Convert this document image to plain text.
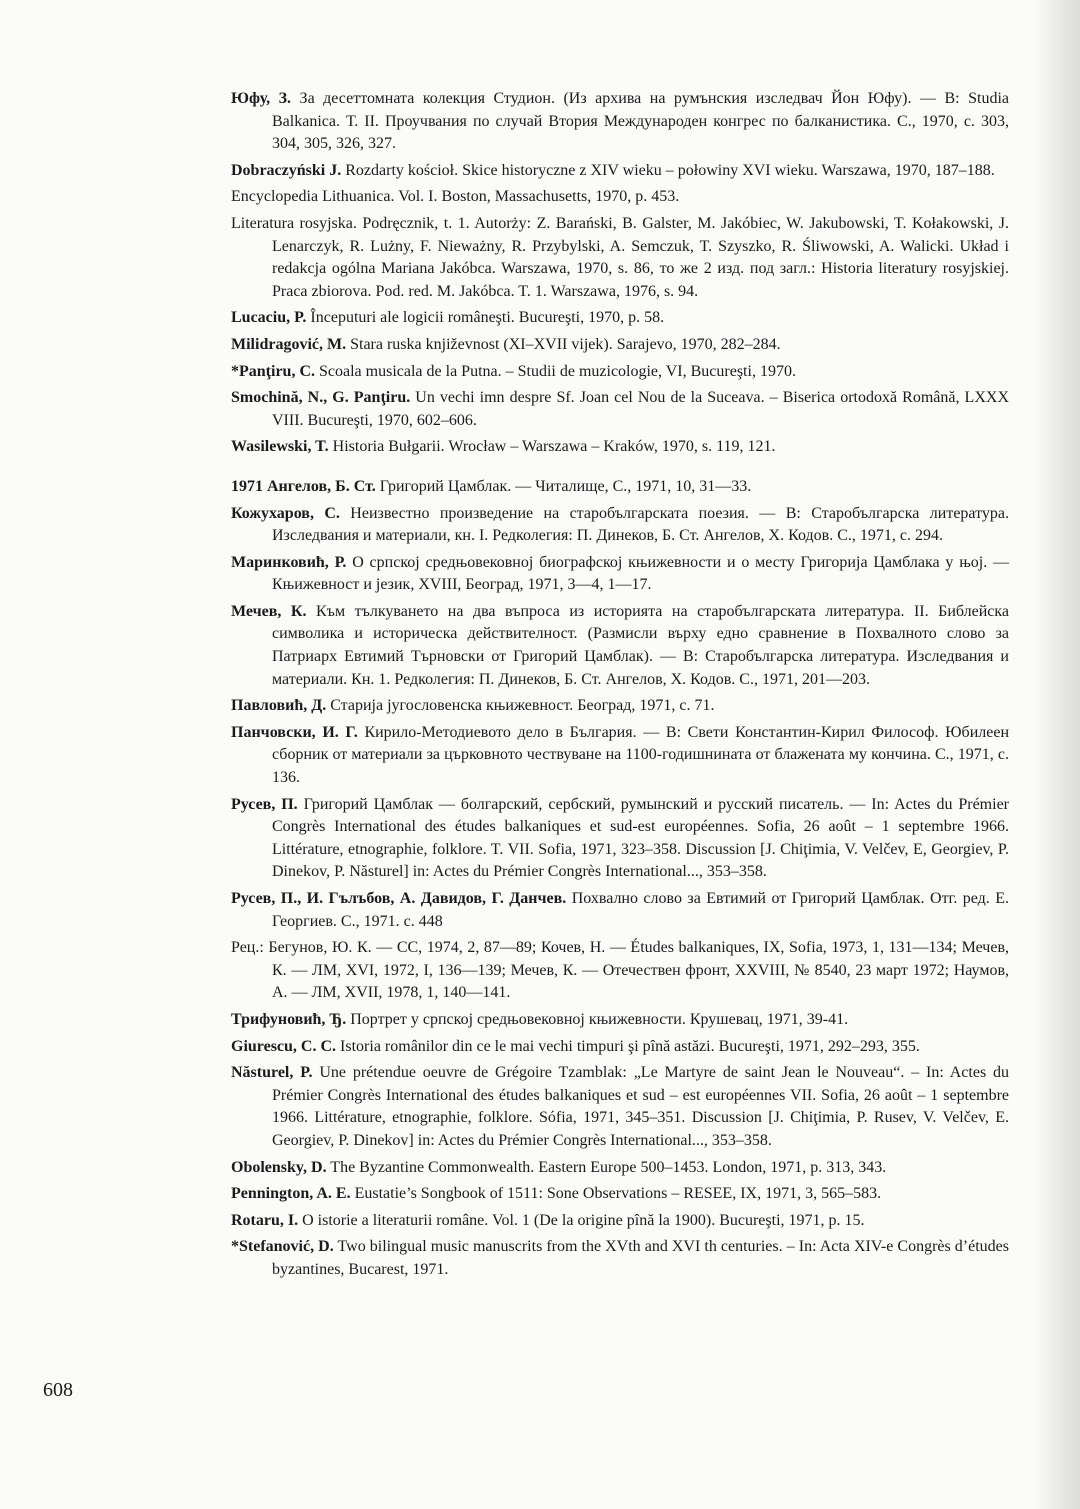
Юфу, З. За десеттомната колекция Студион. (Из архива на румънския изследвач Йон Юфу). — В: Studia Balkanica. Т. II. Проучвания по случай Втория Международен конгрес по балканистика. С., 1970, с. 303, 304, 305, 326, 327.

Dobraczyński J. Rozdarty kościoł. Skice historyczne z XIV wieku – połowiny XVI wieku. Warszawa, 1970, 187–188.

Encyclopedia Lithuanica. Vol. I. Boston, Massachusetts, 1970, p. 453.

Literatura rosyjska. Podręcznik, t. 1. Autorży: Z. Barański, B. Galster, M. Jakóbiec, W. Jakubowski, T. Kołakowski, J. Lenarczyk, R. Lużny, F. Nieważny, R. Przybylski, A. Semczuk, T. Szyszko, R. Śliwowski, A. Walicki. Układ i redakcja ogólna Mariana Jakóbca. Warszawa, 1970, s. 86, то же 2 изд. под загл.: Historia literatury rosyjskiej. Praca zbiorova. Pod. red. M. Jakóbca. T. 1. Warszawa, 1976, s. 94.

Lucaciu, P. Începuturi ale logicii româneşti. Bucureşti, 1970, p. 58.

Milidragović, M. Stara ruska književnost (XI–XVII vijek). Sarajevo, 1970, 282–284.

*Panţiru, C. Scoala musicala de la Putna. – Studii de muzicologie, VI, Bucureşti, 1970.

Smochină, N., G. Panţiru. Un vechi imn despre Sf. Joan cel Nou de la Suceava. – Biserica ortodoxă Română, LXXX VIII. Bucureşti, 1970, 602–606.

Wasilewski, T. Historia Bułgarii. Wrocław – Warszawa – Kraków, 1970, s. 119, 121.

1971 Ангелов, Б. Ст. Григорий Цамблак. — Читалище, С., 1971, 10, 31—33.

Кожухаров, С. Неизвестно произведение на старобългарската поезия. — В: Старобългарска литература. Изследвания и материали, кн. I. Редколегия: П. Динеков, Б. Ст. Ангелов, Х. Кодов. С., 1971, с. 294.

Маринковић, Р. О српској средњовековној биографској књижевности и о месту Григорија Цамблака у њој. — Књижевност и језик, XVIII, Београд, 1971, 3—4, 1—17.

Мечев, К. Към тълкуването на два въпроса из историята на старобългарската литература. II. Библейска символика и историческа действителност. (Размисли върху едно сравнение в Похвалното слово за Патриарх Евтимий Търновски от Григорий Цамблак). — В: Старобългарска литература. Изследвания и материали. Кн. 1. Редколегия: П. Динеков, Б. Ст. Ангелов, Х. Кодов. С., 1971, 201—203.

Павловић, Д. Старија југословенска књижевност. Београд, 1971, с. 71.

Панчовски, И. Г. Кирило-Методиевото дело в България. — В: Свети Константин-Кирил Философ. Юбилеен сборник от материали за църковното чествуване на 1100-годишнината от блажената му кончина. С., 1971, с. 136.

Русев, П. Григорий Цамблак — болгарский, сербский, румынский и русский писатель. — In: Actes du Prémier Congrès International des études balkaniques et sud-est européennes. Sofia, 26 août – 1 septembre 1966. Littérature, etnographie, folklore. T. VII. Sofia, 1971, 323–358. Discussion [J. Chiţimia, V. Velčev, E, Georgiev, P. Dinekov, P. Năsturel] in: Actes du Prémier Congrès International..., 353–358.

Русев, П., И. Гълъбов, А. Давидов, Г. Данчев. Похвално слово за Евтимий от Григорий Цамблак. Отг. ред. Е. Георгиев. С., 1971. с. 448

Рец.: Бегунов, Ю. К. — СС, 1974, 2, 87—89; Кочев, Н. — Études balkaniques, IX, Sofia, 1973, 1, 131—134; Мечев, К. — ЛМ, XVI, 1972, I, 136—139; Мечев, К. — Отечествен фронт, XXVIII, № 8540, 23 март 1972; Наумов, А. — ЛМ, XVII, 1978, 1, 140—141.

Трифуновић, Ђ. Портрет у српској средњовековној књижевности. Крушевац, 1971, 39-41.

Giurescu, C. C. Istoria românilor din ce le mai vechi timpuri şi pînă astăzi. Bucureşti, 1971, 292–293, 355.

Năsturel, P. Une prétendue oeuvre de Grégoire Tzamblak: „Le Martyre de saint Jean le Nouveau“. – In: Actes du Prémier Congrès International des études balkaniques et sud – est européennes VII. Sofia, 26 août – 1 septembre 1966. Littérature, etnographie, folklore. Sófia, 1971, 345–351. Discussion [J. Chiţimia, P. Rusev, V. Velčev, E. Georgiev, P. Dinekov] in: Actes du Prémier Congrès International..., 353–358.

Obolensky, D. The Byzantine Commonwealth. Eastern Europe 500–1453. London, 1971, p. 313, 343.

Pennington, A. E. Eustatie’s Songbook of 1511: Sone Observations – RESEE, IX, 1971, 3, 565–583.

Rotaru, I. O istorie a literaturii române. Vol. 1 (De la origine pînă la 1900). Bucureşti, 1971, p. 15.

*Stefanović, D. Two bilingual music manuscrits from the XVth and XVI th centuries. – In: Acta XIV-e Congrès d’études byzantines, Bucarest, 1971.

608
